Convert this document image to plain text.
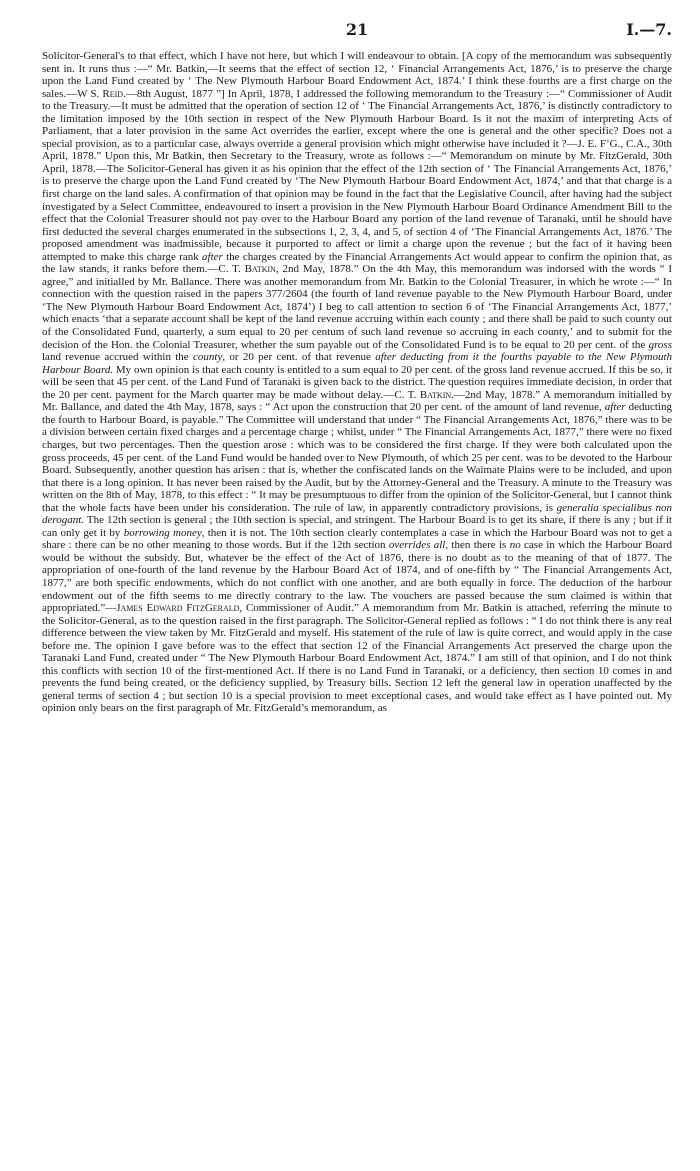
21	I.—7.

Solicitor-General's to that effect, which I have not here, but which I will endeavour to obtain. [A copy of the memorandum was subsequently sent in. It runs thus :—“ Mr. Batkin,—It seems that the effect of section 12, ‘ Financial Arrangements Act, 1876,’ is to preserve the charge upon the Land Fund created by ‘ The New Plymouth Harbour Board Endowment Act, 1874.’ I think these fourths are a first charge on the sales.—W S. Reid.—8th August, 1877 ”] In April, 1878, I addressed the following memorandum to the Treasury :—“ Commissioner of Audit to the Treasury.—It must be admitted that the operation of section 12 of ‘ The Financial Arrangements Act, 1876,’ is distinctly contradictory to the limitation imposed by the 10th section in respect of the New Plymouth Harbour Board. Is it not the maxim of interpreting Acts of Parliament, that a later provision in the same Act overrides the earlier, except where the one is general and the other specific? Does not a special provision, as to a particular case, always override a general provision which might otherwise have included it ?—J. E. F’G., C.A., 30th April, 1878.” Upon this, Mr Batkin, then Secretary to the Treasury, wrote as follows :—“ Memorandum on minute by Mr. FitzGerald, 30th April, 1878.—The Solicitor-General has given it as his opinion that the effect of the 12th section of ‘ The Financial Arrangements Act, 1876,’ is to preserve the charge upon the Land Fund created by ‘The New Plymouth Harbour Board Endowment Act, 1874,’ and that that charge is a first charge on the land sales. A confirmation of that opinion may be found in the fact that the Legislative Council, after having had the subject investigated by a Select Committee, endeavoured to insert a provision in the New Plymouth Harbour Board Ordinance Amendment Bill to the effect that the Colonial Treasurer should not pay over to the Harbour Board any portion of the land revenue of Taranaki, until he should have first deducted the several charges enumerated in the subsections 1, 2, 3, 4, and 5, of section 4 of ‘The Financial Arrangements Act, 1876.’ The proposed amendment was inadmissible, because it purported to affect or limit a charge upon the revenue ; but the fact of it having been attempted to make this charge rank after the charges created by the Financial Arrangements Act would appear to confirm the opinion that, as the law stands, it ranks before them.—C. T. Batkin, 2nd May, 1878.” On the 4th May, this memorandum was indorsed with the words “ I agree,” and initialled by Mr. Ballance. There was another memorandum from Mr. Batkin to the Colonial Treasurer, in which he wrote :—“ In connection with the question raised in the papers 377/2604 (the fourth of land revenue payable to the New Plymouth Harbour Board, under ‘The New Plymouth Harbour Board Endowment Act, 1874’) I beg to call attention to section 6 of ‘The Financial Arrangements Act, 1877,’ which enacts ‘that a separate account shall be kept of the land revenue accruing within each county ; and there shall be paid to such county out of the Consolidated Fund, quarterly, a sum equal to 20 per centum of such land revenue so accruing in each county,’ and to submit for the decision of the Hon. the Colonial Treasurer, whether the sum payable out of the Consolidated Fund is to be equal to 20 per cent. of the gross land revenue accrued within the county, or 20 per cent. of that revenue after deducting from it the fourths payable to the New Plymouth Harbour Board. My own opinion is that each county is entitled to a sum equal to 20 per cent. of the gross land revenue accrued. If this be so, it will be seen that 45 per cent. of the Land Fund of Taranaki is given back to the district. The question requires immediate decision, in order that the 20 per cent. payment for the March quarter may be made without delay.—C. T. Batkin.—2nd May, 1878.” A memorandum initialled by Mr. Ballance, and dated the 4th May, 1878, says : “ Act upon the construction that 20 per cent. of the amount of land revenue, after deducting the fourth to Harbour Board, is payable.” The Committee will understand that under “ The Financial Arrangements Act, 1876,” there was to be a division between certain fixed charges and a percentage charge ; whilst, under “ The Financial Arrangements Act, 1877,” there were no fixed charges, but two percentages. Then the question arose : which was to be considered the first charge. If they were both calculated upon the gross proceeds, 45 per cent. of the Land Fund would be handed over to New Plymouth, of which 25 per cent. was to be devoted to the Harbour Board. Subsequently, another question has arisen : that is, whether the confiscated lands on the Waimate Plains were to be included, and upon that there is a long opinion. It has never been raised by the Audit, but by the Attorney-General and the Treasury. A minute to the Treasury was written on the 8th of May, 1878, to this effect : “ It may be presumptuous to differ from the opinion of the Solicitor-General, but I cannot think that the whole facts have been under his consideration. The rule of law, in apparently contradictory provisions, is generalia specialibus non derogant. The 12th section is general ; the 10th section is special, and stringent. The Harbour Board is to get its share, if there is any ; but if it can only get it by borrowing money, then it is not. The 10th section clearly contemplates a case in which the Harbour Board was not to get a share : there can be no other meaning to those words. But if the 12th section overrides all, then there is no case in which the Harbour Board would be without the subsidy. But, whatever be the effect of the Act of 1876, there is no doubt as to the meaning of that of 1877. The appropriation of one-fourth of the land revenue by the Harbour Board Act of 1874, and of one-fifth by “ The Financial Arrangements Act, 1877,” are both specific endowments, which do not conflict with one another, and are both equally in force. The deduction of the harbour endowment out of the fifth seems to me directly contrary to the law. The vouchers are passed because the sum claimed is within that appropriated.”—James Edward FitzGerald, Commissioner of Audit.” A memorandum from Mr. Batkin is attached, referring the minute to the Solicitor-General, as to the question raised in the first paragraph. The Solicitor-General replied as follows : “ I do not think there is any real difference between the view taken by Mr. FitzGerald and myself. His statement of the rule of law is quite correct, and would apply in the case before me. The opinion I gave before was to the effect that section 12 of the Financial Arrangements Act preserved the charge upon the Taranaki Land Fund, created under “ The New Plymouth Harbour Board Endowment Act, 1874.” I am still of that opinion, and I do not think this conflicts with section 10 of the first-mentioned Act. If there is no Land Fund in Taranaki, or a deficiency, then section 10 comes in and prevents the fund being created, or the deficiency supplied, by Treasury bills. Section 12 left the general law in operation unaffected by the general terms of section 4 ; but section 10 is a special provision to meet exceptional cases, and would take effect as I have pointed out. My opinion only bears on the first paragraph of Mr. FitzGerald’s memorandum, as
